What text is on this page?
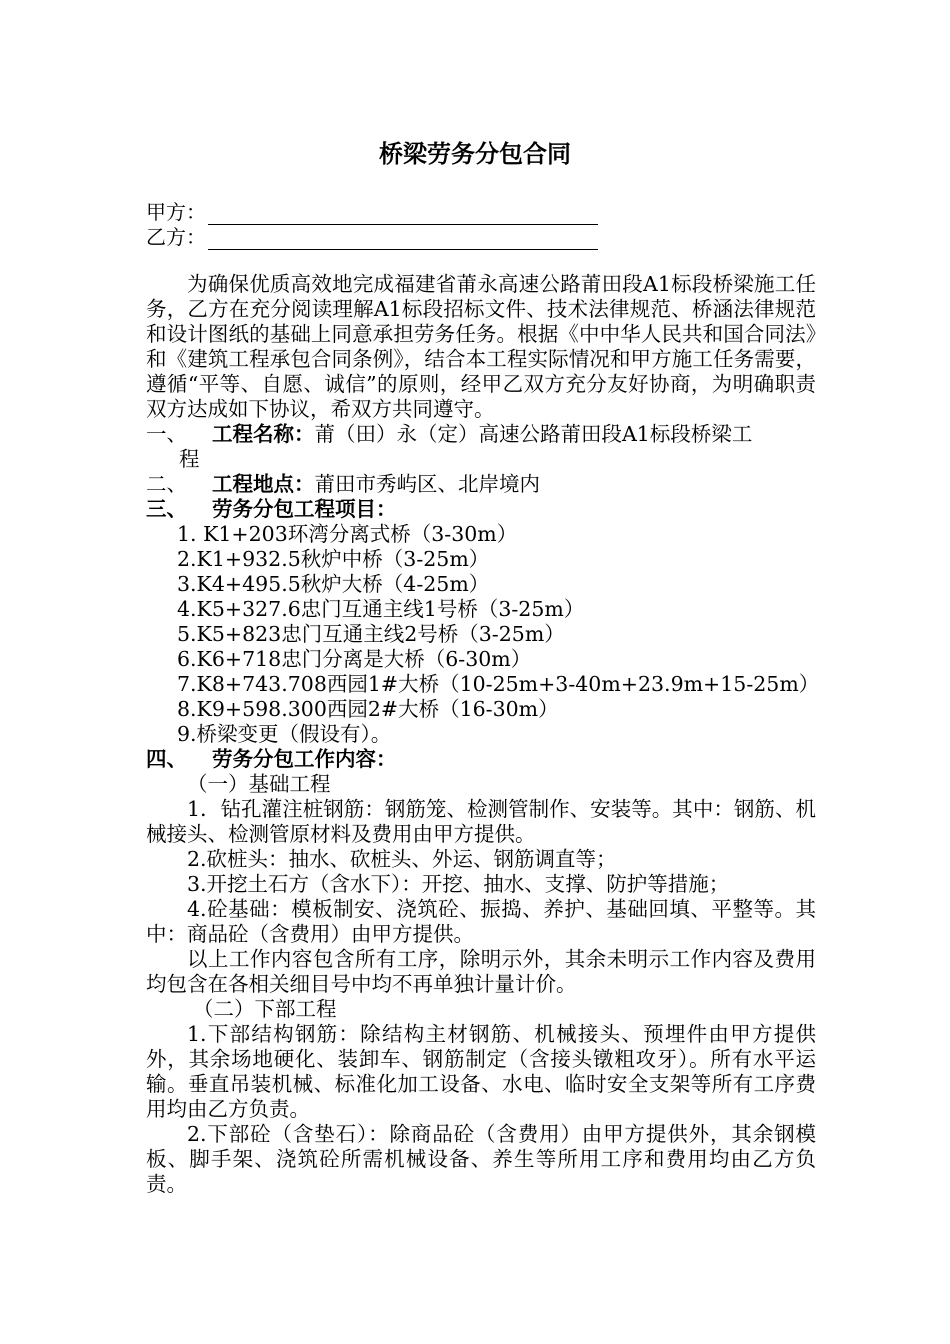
桥梁劳务分包合同
甲方：
乙方：

为确保优质高效地完成福建省莆永高速公路莆田段A1标段桥梁施工任务，乙方在充分阅读理解A1标段招标文件、技术法律规范、桥涵法律规范和设计图纸的基础上同意承担劳务任务。根据《中中华人民共和国合同法》和《建筑工程承包合同条例》，结合本工程实际情况和甲方施工任务需要，遵循“平等、自愿、诚信”的原则，经甲乙双方充分友好协商，为明确职责双方达成如下协议，希双方共同遵守。

一、	工程名称：莆（田）永（定）高速公路莆田段A1标段桥梁工

程

二、	工程地点：莆田市秀屿区、北岸境内
三、	劳务分包工程项目：

1. K1+203环湾分离式桥（3-30m）

2.K1+932.5秋炉中桥（3-25m）

3.K4+495.5秋炉大桥（4-25m）

4.K5+327.6忠门互通主线1号桥（3-25m）

5.K5+823忠门互通主线2号桥（3-25m）

6.K6+718忠门分离是大桥（6-30m）

7.K8+743.708西园1#大桥（10-25m+3-40m+23.9m+15-25m）

8.K9+598.300西园2#大桥（16-30m）

9.桥梁变更（假设有）。

四、	劳务分包工作内容：

（一）基础工程

1．钻孔灌注桩钢筋：钢筋笼、检测管制作、安装等。其中：钢筋、机械接头、检测管原材料及费用由甲方提供。

2.砍桩头：抽水、砍桩头、外运、钢筋调直等；

3.开挖土石方（含水下）：开挖、抽水、支撑、防护等措施；

4.砼基础：模板制安、浇筑砼、振捣、养护、基础回填、平整等。其中：商品砼（含费用）由甲方提供。

以上工作内容包含所有工序，除明示外，其余未明示工作内容及费用均包含在各相关细目号中均不再单独计量计价。

（二）下部工程

1.下部结构钢筋：除结构主材钢筋、机械接头、预埋件由甲方提供外，其余场地硬化、装卸车、钢筋制定（含接头镦粗攻牙）。所有水平运输。垂直吊装机械、标准化加工设备、水电、临时安全支架等所有工序费用均由乙方负责。

2.下部砼（含垫石）：除商品砼（含费用）由甲方提供外，其余钢模板、脚手架、浇筑砼所需机械设备、养生等所用工序和费用均由乙方负责。
